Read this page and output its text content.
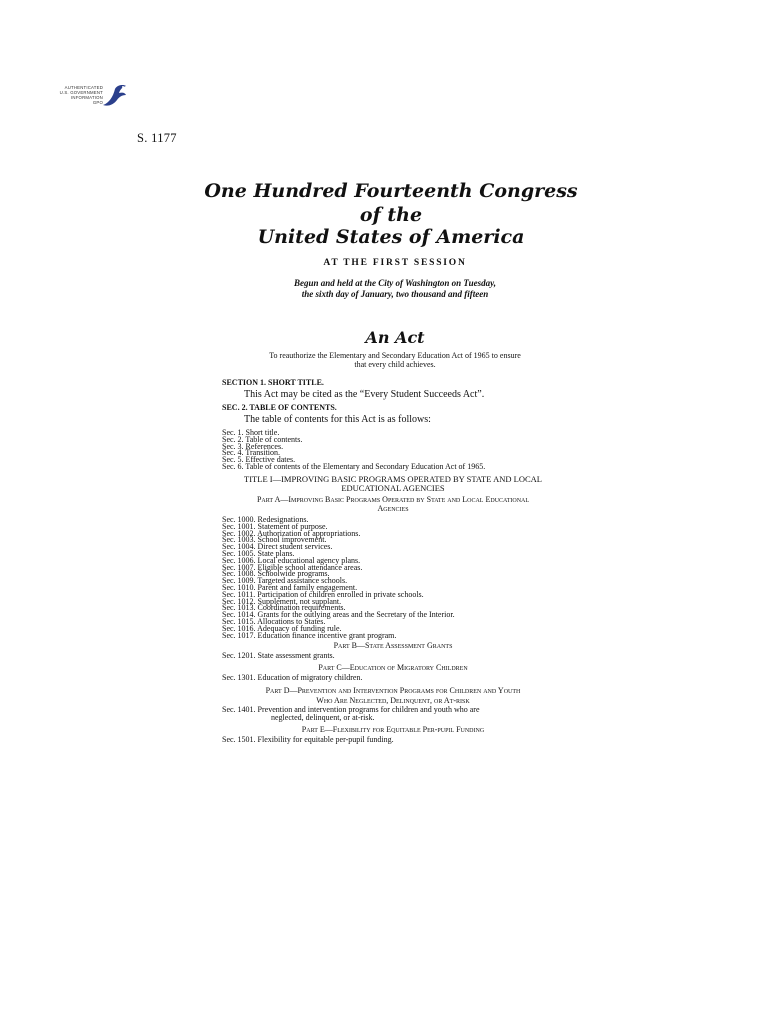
AUTHENTICATED
U.S. GOVERNMENT
INFORMATION
GPO
S. 1177
One Hundred Fourteenth Congress
of the
United States of America
AT THE FIRST SESSION
Begun and held at the City of Washington on Tuesday,
the sixth day of January, two thousand and fifteen
An Act
To reauthorize the Elementary and Secondary Education Act of 1965 to ensure
that every child achieves.
SECTION 1. SHORT TITLE.
This Act may be cited as the “Every Student Succeeds Act”.
SEC. 2. TABLE OF CONTENTS.
The table of contents for this Act is as follows:
Sec. 1. Short title.
Sec. 2. Table of contents.
Sec. 3. References.
Sec. 4. Transition.
Sec. 5. Effective dates.
Sec. 6. Table of contents of the Elementary and Secondary Education Act of 1965.
TITLE I—IMPROVING BASIC PROGRAMS OPERATED BY STATE AND LOCAL
EDUCATIONAL AGENCIES
Part A—Improving Basic Programs Operated by State and Local Educational
Agencies
Sec. 1000. Redesignations.
Sec. 1001. Statement of purpose.
Sec. 1002. Authorization of appropriations.
Sec. 1003. School improvement.
Sec. 1004. Direct student services.
Sec. 1005. State plans.
Sec. 1006. Local educational agency plans.
Sec. 1007. Eligible school attendance areas.
Sec. 1008. Schoolwide programs.
Sec. 1009. Targeted assistance schools.
Sec. 1010. Parent and family engagement.
Sec. 1011. Participation of children enrolled in private schools.
Sec. 1012. Supplement, not supplant.
Sec. 1013. Coordination requirements.
Sec. 1014. Grants for the outlying areas and the Secretary of the Interior.
Sec. 1015. Allocations to States.
Sec. 1016. Adequacy of funding rule.
Sec. 1017. Education finance incentive grant program.
Part B—State Assessment Grants
Sec. 1201. State assessment grants.
Part C—Education of Migratory Children
Sec. 1301. Education of migratory children.
Part D—Prevention and Intervention Programs for Children and Youth
Who Are Neglected, Delinquent, or At-risk
Sec. 1401. Prevention and intervention programs for children and youth who are
neglected, delinquent, or at-risk.
Part E—Flexibility for Equitable Per-pupil Funding
Sec. 1501. Flexibility for equitable per-pupil funding.
